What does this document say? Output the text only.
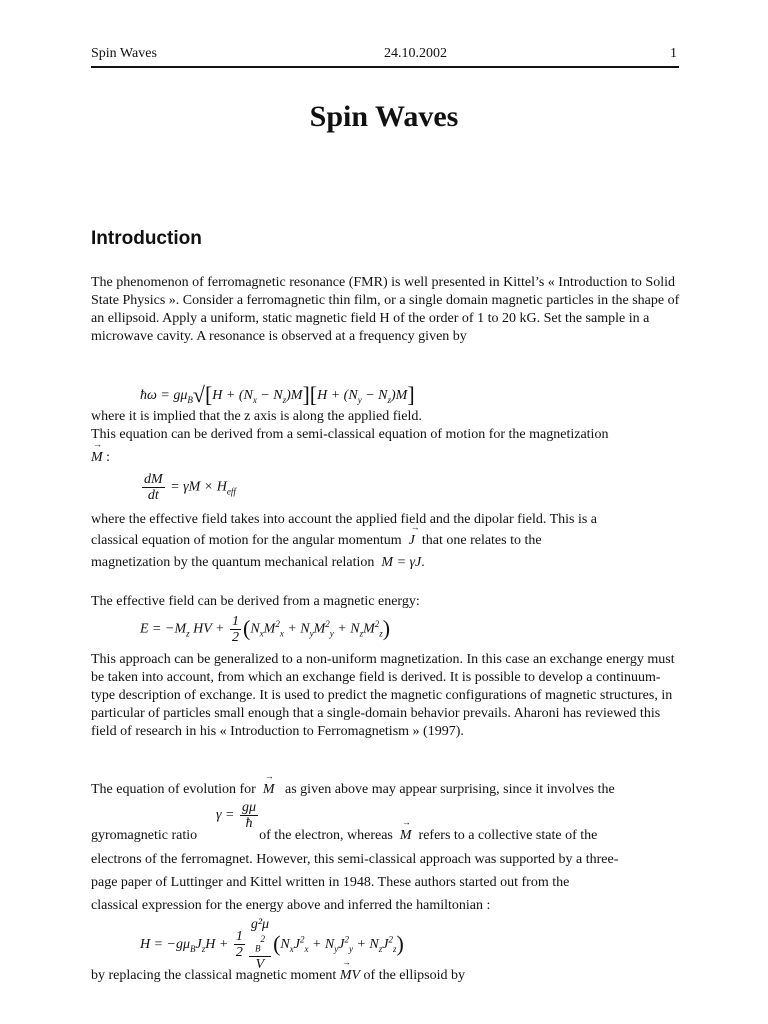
Spin Waves	24.10.2002	1
Spin Waves
Introduction
The phenomenon of ferromagnetic resonance (FMR) is well presented in Kittel’s « Introduction to Solid State Physics ». Consider a ferromagnetic thin film, or a single domain magnetic particles in the shape of an ellipsoid. Apply a uniform, static magnetic field H of the order of 1 to 20 kG. Set the sample in a microwave cavity. A resonance is observed at a frequency given by
ħω = $g\mu_B√[H + (N_x - N_z)M][H + (N_y - N_z)M]$
where it is implied that the z axis is along the applied field.
This equation can be derived from a semi-classical equation of motion for the magnetization
→ M :
$\frac{dM}{dt} = \gamma M \times H_{eff}$
where the effective field takes into account the applied field and the dipolar field. This is a
classical equation of motion for the angular momentum → J that one relates to the
magnetization by the quantum mechanical relation M = γJ.
The effective field can be derived from a magnetic energy:
$E = -M_z$ HV + $\frac{1}{2} (N_xM^2_x + N_yM^2_y + N_zM^2_z)$
This approach can be generalized to a non-uniform magnetization. In this case an exchange energy must be taken into account, from which an exchange field is derived. It is possible to develop a continuum-type description of exchange. It is used to predict the magnetic configurations of magnetic structures, in particular of particles small enough that a single-domain behavior prevails. Aharoni has reviewed this field of research in his « Introduction to Ferromagnetism » (1997).
The equation of evolution for → M as given above may appear surprising, since it involves the
$\gamma = \frac{g\mu}{ħ}$
gyromagnetic ratio	of the electron, whereas → M refers to a collective state of the
electrons of the ferromagnet. However, this semi-classical approach was supported by a three-
page paper of Luttinger and Kittel written in 1948. These authors started out from the
classical expression for the energy above and inferred the hamiltonian :
$H = -g\mu_BJ_zH + \frac{1}{2} g^2\mu$
$_B^2$
V $(N_xJ^2_x + N_yJ^2_y + N_zJ^2_z)$
by replacing the classical magnetic moment → MV of the ellipsoid by
